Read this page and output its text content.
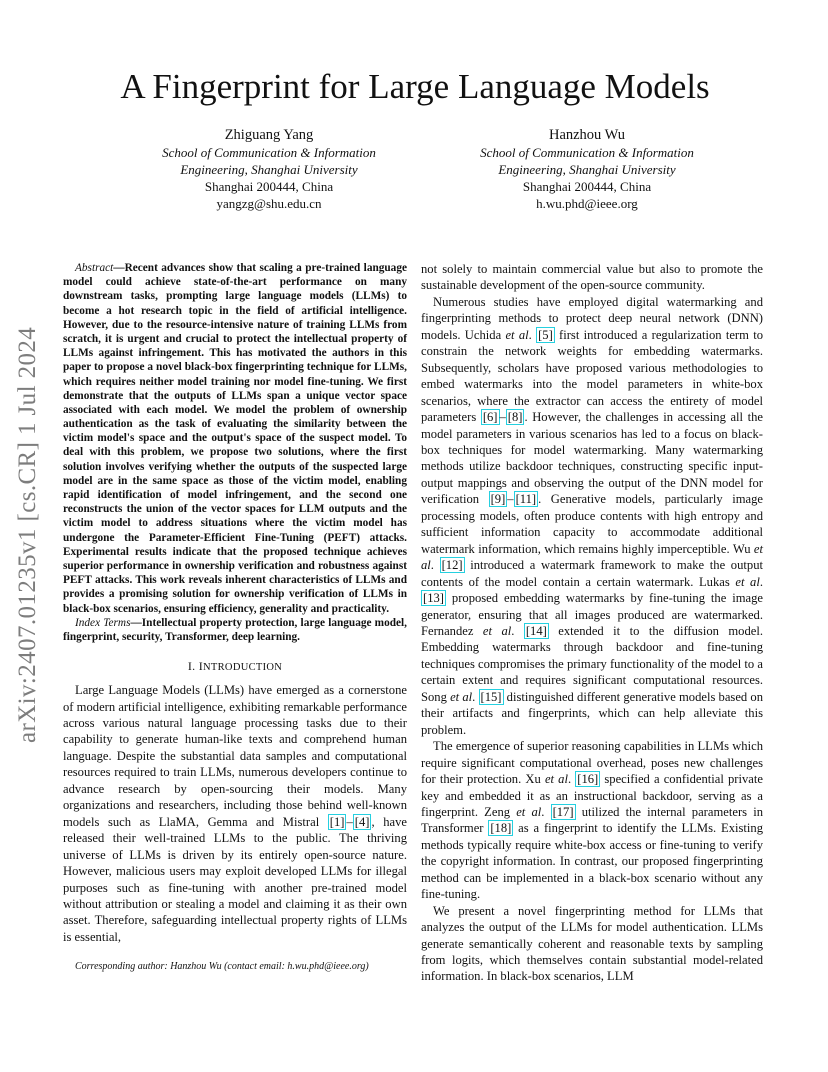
arXiv:2407.01235v1 [cs.CR] 1 Jul 2024
A Fingerprint for Large Language Models
Zhiguang Yang
School of Communication & Information
Engineering, Shanghai University
Shanghai 200444, China
yangzg@shu.edu.cn
Hanzhou Wu
School of Communication & Information
Engineering, Shanghai University
Shanghai 200444, China
h.wu.phd@ieee.org

Abstract—Recent advances show that scaling a pre-trained language model could achieve state-of-the-art performance on many downstream tasks, prompting large language models (LLMs) to become a hot research topic in the field of artificial intelligence. However, due to the resource-intensive nature of training LLMs from scratch, it is urgent and crucial to protect the intellectual property of LLMs against infringement. This has motivated the authors in this paper to propose a novel black-box fingerprinting technique for LLMs, which requires neither model training nor model fine-tuning. We first demonstrate that the outputs of LLMs span a unique vector space associated with each model. We model the problem of ownership authentication as the task of evaluating the similarity between the victim model's space and the output's space of the suspect model. To deal with this problem, we propose two solutions, where the first solution involves verifying whether the outputs of the suspected large model are in the same space as those of the victim model, enabling rapid identification of model infringement, and the second one reconstructs the union of the vector spaces for LLM outputs and the victim model to address situations where the victim model has undergone the Parameter-Efficient Fine-Tuning (PEFT) attacks. Experimental results indicate that the proposed technique achieves superior performance in ownership verification and robustness against PEFT attacks. This work reveals inherent characteristics of LLMs and provides a promising solution for ownership verification of LLMs in black-box scenarios, ensuring efficiency, generality and practicality.

Index Terms—Intellectual property protection, large language model, fingerprint, security, Transformer, deep learning.

I. INTRODUCTION

Large Language Models (LLMs) have emerged as a cornerstone of modern artificial intelligence, exhibiting remarkable performance across various natural language processing tasks due to their capability to generate human-like texts and comprehend human language. Despite the substantial data samples and computational resources required to train LLMs, numerous developers continue to advance research by open-sourcing their models. Many organizations and researchers, including those behind well-known models such as LlaMA, Gemma and Mistral [1] – [4] , have released their well-trained LLMs to the public. The thriving universe of LLMs is driven by its entirely open-source nature. However, malicious users may exploit developed LLMs for illegal purposes such as fine-tuning with another pre-trained model without attribution or stealing a model and claiming it as their own asset. Therefore, safeguarding intellectual property rights of LLMs is essential,

Corresponding author: Hanzhou Wu (contact email: h.wu.phd@ieee.org)

not solely to maintain commercial value but also to promote the sustainable development of the open-source community.

Numerous studies have employed digital watermarking and fingerprinting methods to protect deep neural network (DNN) models. Uchida et al. [5] first introduced a regularization term to constrain the network weights for embedding watermarks. Subsequently, scholars have proposed various methodologies to embed watermarks into the model parameters in white-box scenarios, where the extractor can access the entirety of model parameters [6] – [8] . However, the challenges in accessing all the model parameters in various scenarios has led to a focus on black-box techniques for model watermarking. Many watermarking methods utilize backdoor techniques, constructing specific input-output mappings and observing the output of the DNN model for verification [9] – [11] . Generative models, particularly image processing models, often produce contents with high entropy and sufficient information capacity to accommodate additional watermark information, which remains highly imperceptible. Wu et al. [12] introduced a watermark framework to make the output contents of the model contain a certain watermark. Lukas et al. [13] proposed embedding watermarks by fine-tuning the image generator, ensuring that all images produced are watermarked. Fernandez et al. [14] extended it to the diffusion model. Embedding watermarks through backdoor and fine-tuning techniques compromises the primary functionality of the model to a certain extent and requires significant computational resources. Song et al. [15] distinguished different generative models based on their artifacts and fingerprints, which can help alleviate this problem.

The emergence of superior reasoning capabilities in LLMs which require significant computational overhead, poses new challenges for their protection. Xu et al. [16] specified a confidential private key and embedded it as an instructional backdoor, serving as a fingerprint. Zeng et al. [17] utilized the internal parameters in Transformer [18] as a fingerprint to identify the LLMs. Existing methods typically require white-box access or fine-tuning to verify the copyright information. In contrast, our proposed fingerprinting method can be implemented in a black-box scenario without any fine-tuning.

We present a novel fingerprinting method for LLMs that analyzes the output of the LLMs for model authentication. LLMs generate semantically coherent and reasonable texts by sampling from logits, which themselves contain substantial model-related information. In black-box scenarios, LLM
